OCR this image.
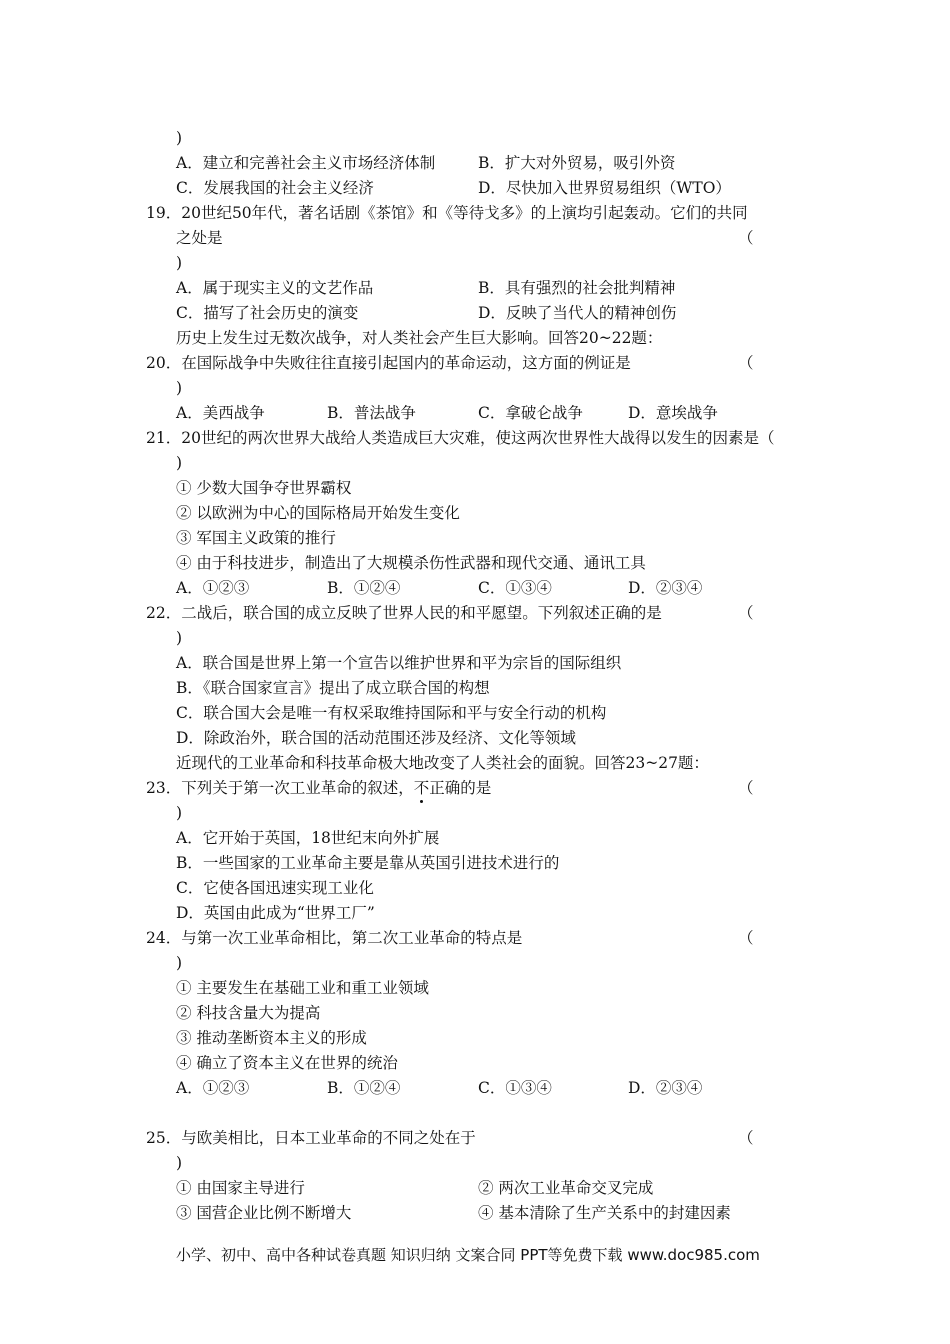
)
A．建立和完善社会主义市场经济体制	B．扩大对外贸易，吸引外资
C．发展我国的社会主义经济	D．尽快加入世界贸易组织（WTO）
19．20世纪50年代，著名话剧《茶馆》和《等待戈多》的上演均引起轰动。它们的共同
之处是	（
)
A．属于现实主义的文艺作品	B．具有强烈的社会批判精神
C．描写了社会历史的演变	D．反映了当代人的精神创伤
历史上发生过无数次战争，对人类社会产生巨大影响。回答20~22题：
20．在国际战争中失败往往直接引起国内的革命运动，这方面的例证是	（
)
A．美西战争	B．普法战争	C．拿破仑战争	D．意埃战争
21．20世纪的两次世界大战给人类造成巨大灾难，使这两次世界性大战得以发生的因素是（
)
① 少数大国争夺世界霸权
② 以欧洲为中心的国际格局开始发生变化
③ 军国主义政策的推行
④ 由于科技进步，制造出了大规模杀伤性武器和现代交通、通讯工具
A．①②③	B．①②④	C．①③④	D．②③④
22．二战后，联合国的成立反映了世界人民的和平愿望。下列叙述正确的是	（
)
A．联合国是世界上第一个宣告以维护世界和平为宗旨的国际组织
B．《联合国家宣言》提出了成立联合国的构想
C．联合国大会是唯一有权采取维持国际和平与安全行动的机构
D．除政治外，联合国的活动范围还涉及经济、文化等领域
近现代的工业革命和科技革命极大地改变了人类社会的面貌。回答23~27题：
23．下列关于第一次工业革命的叙述，不正确的是	（
)
A．它开始于英国，18世纪末向外扩展
B．一些国家的工业革命主要是靠从英国引进技术进行的
C．它使各国迅速实现工业化
D．英国由此成为“世界工厂”
24．与第一次工业革命相比，第二次工业革命的特点是	（
)
① 主要发生在基础工业和重工业领域
② 科技含量大为提高
③ 推动垄断资本主义的形成
④ 确立了资本主义在世界的统治
A．①②③	B．①②④	C．①③④	D．②③④
25．与欧美相比，日本工业革命的不同之处在于	（
)
① 由国家主导进行	② 两次工业革命交叉完成
③ 国营企业比例不断增大	④ 基本清除了生产关系中的封建因素
小学、初中、高中各种试卷真题 知识归纳 文案合同 PPT等免费下载 www.doc985.com
